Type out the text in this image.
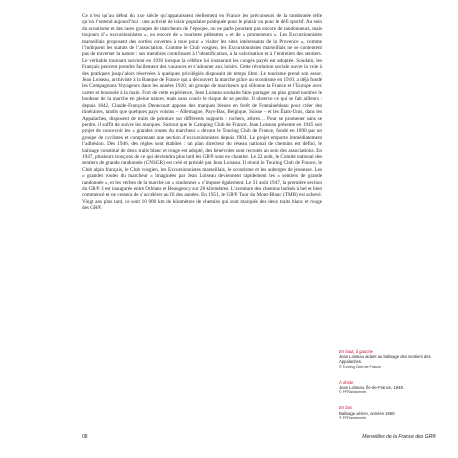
Ce n’est qu’au début du xxe siècle qu’apparaissent réellement en France les précurseurs de la randonnée telle qu’on l’entend aujourd’hui : une activité de loisir populaire pratiquée pour le plaisir ou pour le défi sportif. Au sein du scoutisme et des rares groupes de marcheurs de l’époque, on ne parle pourtant pas encore de randonneurs, mais toujours d’« excursionnistes », ou encore de « touristes pédestres » et de « promeneurs ». Les Excursionnistes marseillais proposent des sorties ouvertes à tous pour « visiter les sites intéressants de la Provence », comme l’indiquent les statuts de l’association. Comme le Club vosgien, les Excursionnistes marseillais ne se contentent pas de traverser la nature : ses membres contribuent à l’identification, à la valorisation et à l’entretien des sentiers. Le véritable tournant survient en 1936 lorsque la célèbre loi instaurant les congés payés est adoptée. Soudain, les Français peuvent prendre facilement des vacances et s’adonner aux loisirs. Cette révolution sociale ouvre la voie à des pratiques jusqu’alors réservées à quelques privilégiés disposant de temps libre. Le tourisme prend son essor. Jean Loiseau, archiviste à la Banque de France qui a découvert la marche grâce au scoutisme en 1910, a déjà fondé les Compagnons Voyageurs dans les années 1920, un groupe de marcheurs qui sillonne la France et l’Europe avec cartes et boussole à la main. Fort de cette expérience, Jean Loiseau souhaite faire partager au plus grand nombre le bonheur de la marche en pleine nature, mais sans courir le risque de se perdre. Il observe ce qui se fait ailleurs : depuis 1842, Claude-François Denecourt appose des marques bleues en forêt de Fontainebleau pour créer des itinéraires, tandis que quelques pays voisins – Allemagne, Pays-Bas, Belgique, Suisse – et les États-Unis, dans les Appalaches, disposent de traits de peinture sur différents supports : rochers, arbres… Pour se promener sans se perdre, il suffit de suivre les marques. Surtout que le Camping Club de France, Jean Loiseau présente en 1945 son projet de concevoir les « grandes routes du marcheur » devant le Touring Club de France, fondé en 1890 par un groupe de cyclistes et comprenant une section d’excursionnistes depuis 1904. Le projet emporte immédiatement l’adhésion. Dès 1946, des règles sont établies : un plan directeur du réseau national de chemins est défini, le balisage constitué de deux traits blanc et rouge est adopté, des bénévoles sont recrutés au sein des associations. En 1947, plusieurs tronçons de ce qui deviendra plus tard les GR® sont en chantier. Le 22 août, le Comité national des sentiers de grande randonnée (CNSGR) est créé et présidé par Jean Loiseau. Il réunit le Touring Club de France, le Club alpin français, le Club vosgien, les Excursionnistes marseillais, le scoutisme et les auberges de jeunesse. Les « grandes routes du marcheur » imaginées par Jean Loiseau deviennent rapidement les « sentiers de grande randonnée », et les verbes de la marche un « randonner » s’impose également. Le 31 août 1947, la première section du GR® 3 est inaugurée entre Orléans et Beaugency sur 28 kilomètres. L’aventure des chemins balisés à bel et bien commencé et ne cessera de s’accélérer au fil des années. En 1951, le GR® Tour du Mont-Blanc (TMB) est achevé. Vingt ans plus tard, ce sont 10 000 km de kilomètres de chemins qui sont marqués des deux traits blanc et rouge des GR®.

En haut, à gauche
Jean Loiseau aidant au balisage des sentiers des Appalaches.
© Touring Club de France
À droite
Jean Loiseau, Île-de-France, 1948.
© FFRandonnée
En bas
Balisage aérien, années 1950.
© FFRandonnée
08	Merveilles de la France des GR®
